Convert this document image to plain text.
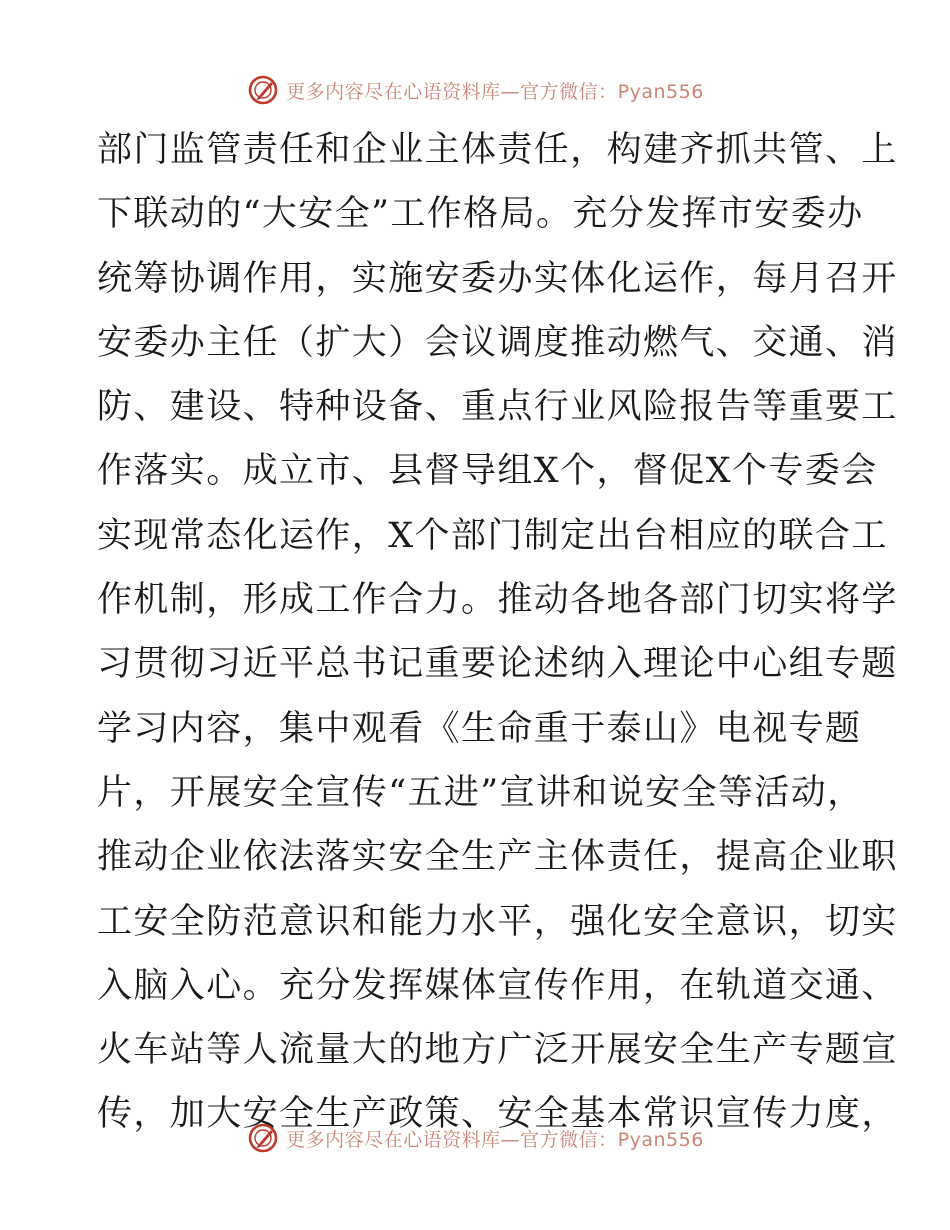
更多内容尽在心语资料库—官方微信：Pyan556
部门监管责任和企业主体责任，构建齐抓共管、上
下联动的“大安全”工作格局。充分发挥市安委办
统筹协调作用，实施安委办实体化运作，每月召开
安委办主任（扩大）会议调度推动燃气、交通、消
防、建设、特种设备、重点行业风险报告等重要工
作落实。成立市、县督导组X个，督促X个专委会
实现常态化运作，X个部门制定出台相应的联合工
作机制，形成工作合力。推动各地各部门切实将学
习贯彻习近平总书记重要论述纳入理论中心组专题
学习内容，集中观看《生命重于泰山》电视专题
片，开展安全宣传“五进”宣讲和说安全等活动，
推动企业依法落实安全生产主体责任，提高企业职
工安全防范意识和能力水平，强化安全意识，切实
入脑入心。充分发挥媒体宣传作用，在轨道交通、
火车站等人流量大的地方广泛开展安全生产专题宣
传，加大安全生产政策、安全基本常识宣传力度，
更多内容尽在心语资料库—官方微信：Pyan556
